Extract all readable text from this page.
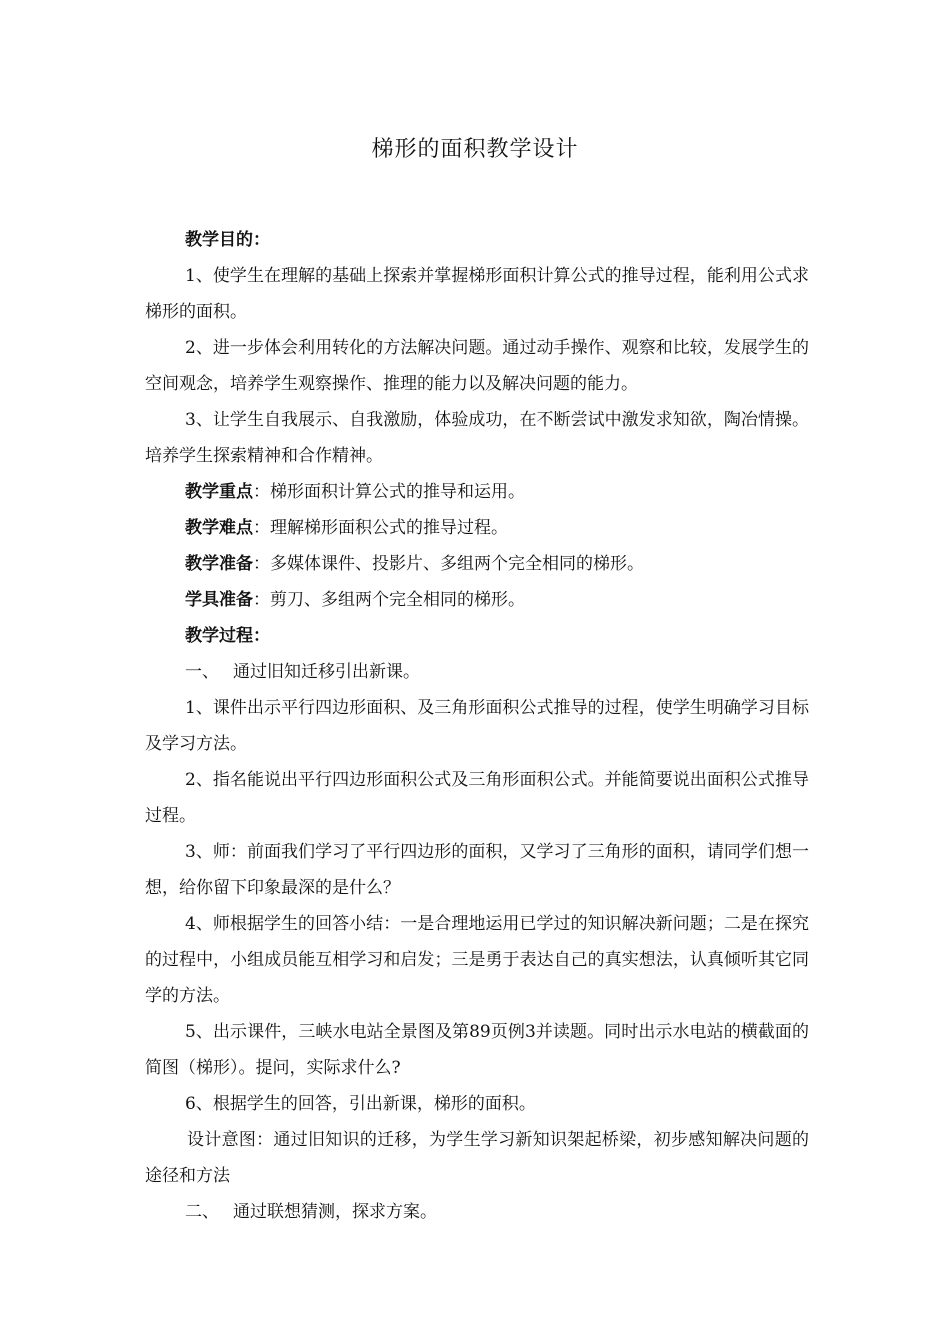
梯形的面积教学设计

教学目的：

1、使学生在理解的基础上探索并掌握梯形面积计算公式的推导过程，能利用公式求梯形的面积。

2、进一步体会利用转化的方法解决问题。通过动手操作、观察和比较，发展学生的空间观念，培养学生观察操作、推理的能力以及解决问题的能力。

3、让学生自我展示、自我激励，体验成功，在不断尝试中激发求知欲，陶冶情操。培养学生探索精神和合作精神。

教学重点：梯形面积计算公式的推导和运用。

教学难点：理解梯形面积公式的推导过程。

教学准备：多媒体课件、投影片、多组两个完全相同的梯形。

学具准备：剪刀、多组两个完全相同的梯形。

教学过程：

一、 通过旧知迁移引出新课。

1、课件出示平行四边形面积、及三角形面积公式推导的过程，使学生明确学习目标及学习方法。

2、指名能说出平行四边形面积公式及三角形面积公式。并能简要说出面积公式推导过程。

3、师：前面我们学习了平行四边形的面积，又学习了三角形的面积，请同学们想一想，给你留下印象最深的是什么？

4、师根据学生的回答小结：一是合理地运用已学过的知识解决新问题；二是在探究的过程中，小组成员能互相学习和启发；三是勇于表达自己的真实想法，认真倾听其它同学的方法。

5、出示课件，三峡水电站全景图及第89页例3并读题。同时出示水电站的横截面的简图（梯形）。提问，实际求什么?

6、根据学生的回答，引出新课，梯形的面积。

设计意图：通过旧知识的迁移，为学生学习新知识架起桥梁，初步感知解决问题的途径和方法

二、 通过联想猜测，探求方案。
